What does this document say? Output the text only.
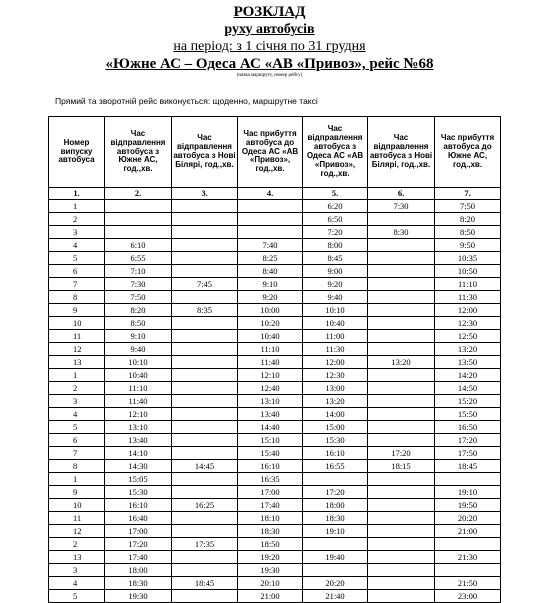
РОЗКЛАД
руху автобусів
на період: з 1 січня по 31 грудня
«Южне АС – Одеса АС «АВ «Привоз», рейс №68
(назва маршруту, номер рейсу)
Прямий та зворотній рейс виконується: щоденно, маршрутне таксі
Номер випуску автобуса	Час відправлення автобуса з Южне АС, год.,хв.	Час відправлення автобуса з Нові Білярі, год.,хв.	Час прибуття автобуса до Одеса АС «АВ «Привоз», год.,хв.	Час відправлення автобуса з Одеса АС «АВ «Привоз», год.,хв.	Час відправлення автобуса з Нові Білярі, год.,хв.	Час прибуття автобуса до Южне АС, год.,хв.
1.	2.	3.	4.	5.	6.	7.
1				6:20	7:30	7:50
2				6:50		8:20
3				7:20	8:30	8:50
4	6:10		7:40	8:00		9:50
5	6:55		8:25	8:45		10:35
6	7:10		8:40	9:00		10:50
7	7:30	7:45	9:10	9:20		11:10
8	7:50		9:20	9:40		11:30
9	8:20	8:35	10:00	10:10		12:00
10	8:50		10:20	10:40		12:30
11	9:10		10:40	11:00		12:50
12	9:40		11:10	11:30		13:20
13	10:10		11:40	12:00	13:20	13:50
1	10:40		12:10	12:30		14:20
2	11:10		12:40	13:00		14:50
3	11:40		13:10	13:20		15:20
4	12:10		13:40	14:00		15:50
5	13:10		14:40	15:00		16:50
6	13:40		15:10	15:30		17:20
7	14:10		15:40	16:10	17:20	17:50
8	14:30	14:45	16:10	16:55	18:15	18:45
1	15:05		16:35			
9	15:30		17:00	17:20		19:10
10	16:10	16:25	17:40	18:00		19:50
11	16:40		18:10	18:30		20:20
12	17:00		18:30	19:10		21:00
2	17:20	17:35	18:50			
13	17:40		19:20	19:40		21:30
3	18:00		19:30			
4	18:30	18:45	20:10	20:20		21:50
5	19:30		21:00	21:40		23:00
